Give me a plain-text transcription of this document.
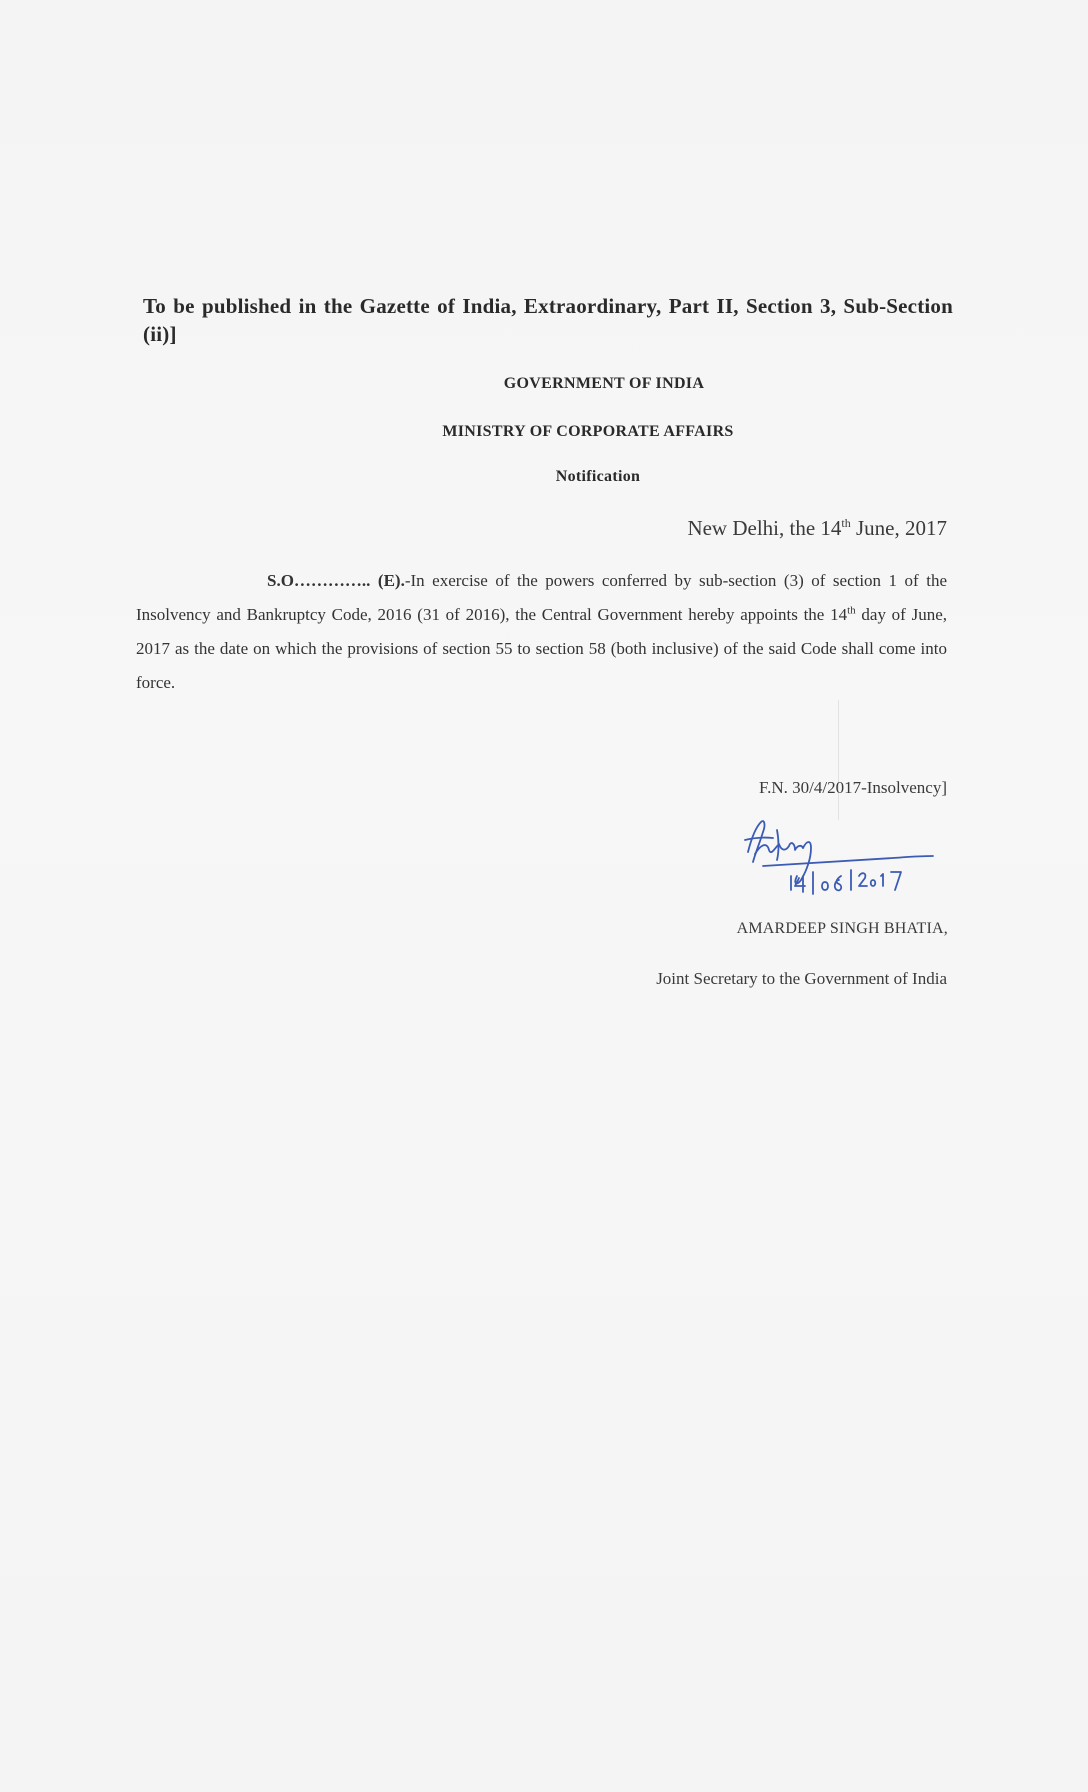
To be published in the Gazette of India, Extraordinary, Part II, Section 3, Sub-Section (ii)]
GOVERNMENT OF INDIA
MINISTRY OF CORPORATE AFFAIRS
Notification
New Delhi, the 14th June, 2017
S.O………….. (E).-In exercise of the powers conferred by sub-section (3) of section 1 of the Insolvency and Bankruptcy Code, 2016 (31 of 2016), the Central Government hereby appoints the 14th day of June, 2017 as the date on which the provisions of section 55 to section 58 (both inclusive) of the said Code shall come into force.
F.N. 30/4/2017-Insolvency]
AMARDEEP SINGH BHATIA,
Joint Secretary to the Government of India
